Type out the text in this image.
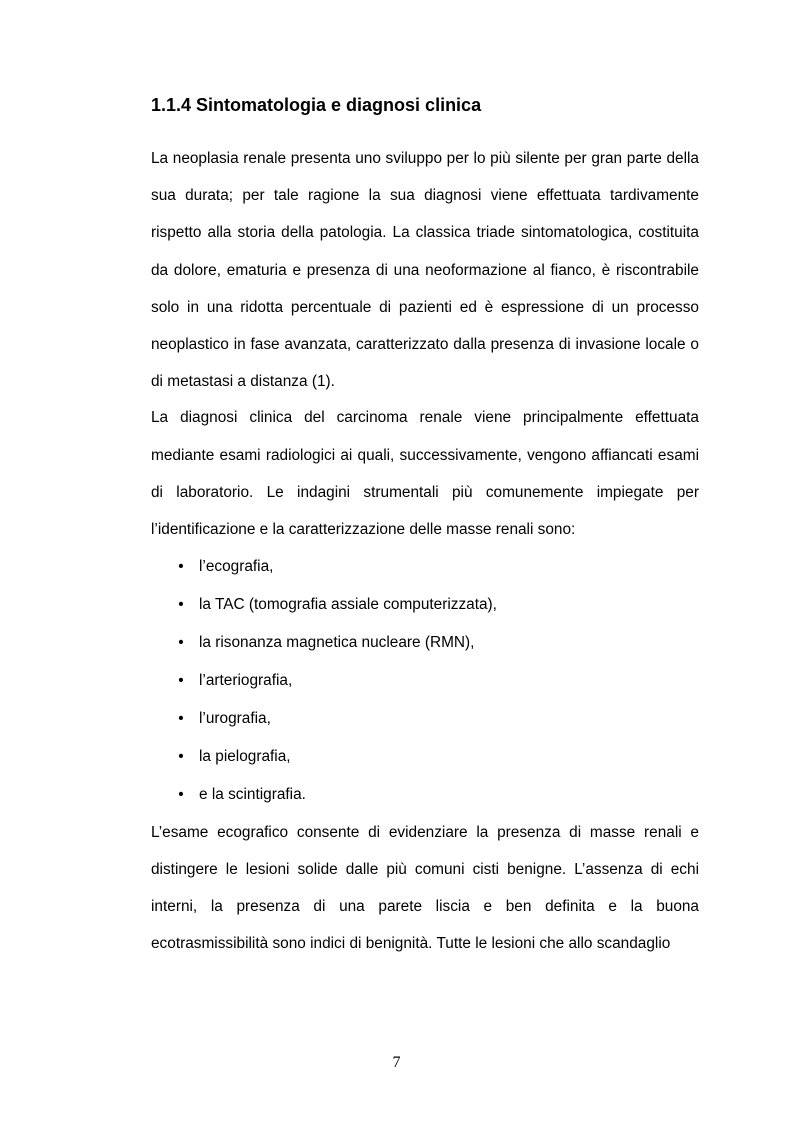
1.1.4 Sintomatologia e diagnosi clinica

La neoplasia renale presenta uno sviluppo per lo più silente per gran parte della sua durata; per tale ragione la sua diagnosi viene effettuata tardivamente rispetto alla storia della patologia. La classica triade sintomatologica, costituita da dolore, ematuria e presenza di una neoformazione al fianco, è riscontrabile solo in una ridotta percentuale di pazienti ed è espressione di un processo neoplastico in fase avanzata, caratterizzato dalla presenza di invasione locale o di metastasi a distanza (1).

La diagnosi clinica del carcinoma renale viene principalmente effettuata mediante esami radiologici ai quali, successivamente, vengono affiancati esami di laboratorio. Le indagini strumentali più comunemente impiegate per l’identificazione e la caratterizzazione delle masse renali sono:

• l’ecografia,
• la TAC (tomografia assiale computerizzata),
• la risonanza magnetica nucleare (RMN),
• l’arteriografia,
• l’urografia,
• la pielografia,
• e la scintigrafia.

L’esame ecografico consente di evidenziare la presenza di masse renali e distingere le lesioni solide dalle più comuni cisti benigne. L’assenza di echi interni, la presenza di una parete liscia e ben definita e la buona ecotrasmissibilità sono indici di benignità. Tutte le lesioni che allo scandaglio

7
